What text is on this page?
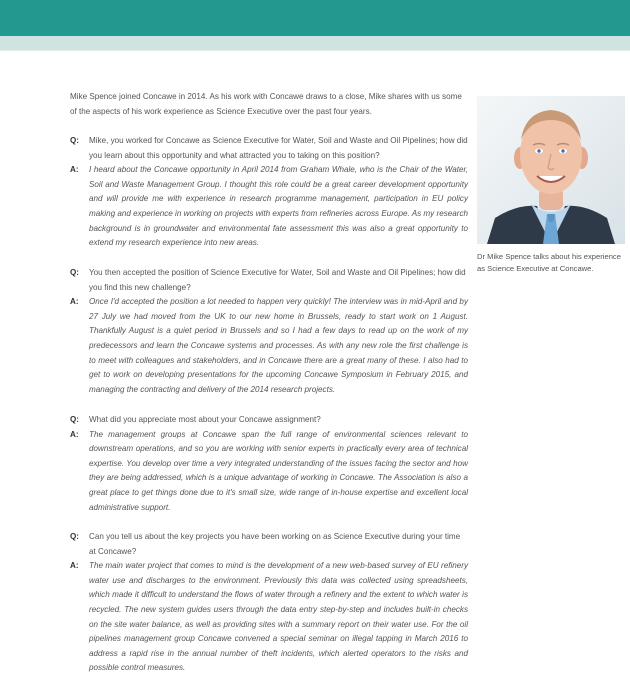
Mike Spence joined Concawe in 2014. As his work with Concawe draws to a close, Mike shares with us some of the aspects of his work experience as Science Executive over the past four years.

Q:	Mike, you worked for Concawe as Science Executive for Water, Soil and Waste and Oil Pipelines; how did you learn about this opportunity and what attracted you to taking on this position?
A:	I heard about the Concawe opportunity in April 2014 from Graham Whale, who is the Chair of the Water, Soil and Waste Management Group. I thought this role could be a great career development opportunity and will provide me with experience in research programme management, participation in EU policy making and experience in working on projects with experts from refineries across Europe. As my research background is in groundwater and environmental fate assessment this was also a great opportunity to extend my research experience into new areas.
Q:	You then accepted the position of Science Executive for Water, Soil and Waste and Oil Pipelines; how did you find this new challenge?
A:	Once I'd accepted the position a lot needed to happen very quickly! The interview was in mid-April and by 27 July we had moved from the UK to our new home in Brussels, ready to start work on 1 August. Thankfully August is a quiet period in Brussels and so I had a few days to read up on the work of my predecessors and learn the Concawe systems and processes. As with any new role the first challenge is to meet with colleagues and stakeholders, and in Concawe there are a great many of these. I also had to get to work on developing presentations for the upcoming Concawe Symposium in February 2015, and managing the contracting and delivery of the 2014 research projects.
Q:	What did you appreciate most about your Concawe assignment?
A:	The management groups at Concawe span the full range of environmental sciences relevant to downstream operations, and so you are working with senior experts in practically every area of technical expertise. You develop over time a very integrated understanding of the issues facing the sector and how they are being addressed, which is a unique advantage of working in Concawe. The Association is also a great place to get things done due to it's small size, wide range of in-house expertise and excellent local administrative support.
Q:	Can you tell us about the key projects you have been working on as Science Executive during your time at Concawe?
A:	The main water project that comes to mind is the development of a new web-based survey of EU refinery water use and discharges to the environment. Previously this data was collected using spreadsheets, which made it difficult to understand the flows of water through a refinery and the extent to which water is recycled. The new system guides users through the data entry step-by-step and includes built-in checks on the site water balance, as well as providing sites with a summary report on their water use. For the oil pipelines management group Concawe convened a special seminar on illegal tapping in March 2016 to address a rapid rise in the annual number of theft incidents, which alerted operators to the risks and possible control measures.

Dr Mike Spence talks about his experience as Science Executive at Concawe.
